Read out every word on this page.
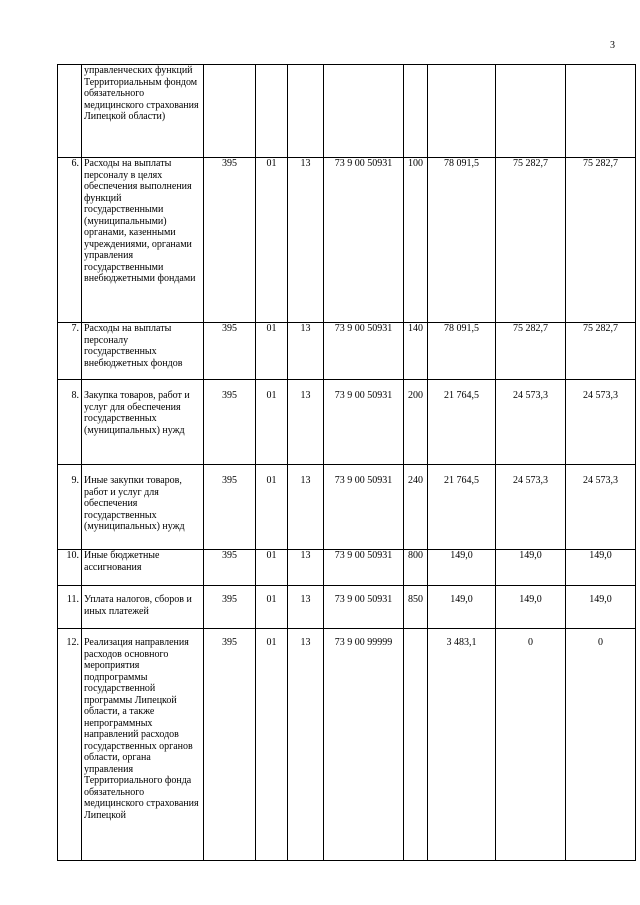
3
	управленческих функций Территориальным фондом обязательного медицинского страхования Липецкой области)								
6.	Расходы на выплаты персоналу в целях обеспечения выполнения функций государственными (муниципальными) органами, казенными учреждениями, органами управления государственными внебюджетными фондами	395	01	13	73 9 00 50931	100	78 091,5	75 282,7	75 282,7
7.	Расходы на выплаты персоналу государственных внебюджетных фондов	395	01	13	73 9 00 50931	140	78 091,5	75 282,7	75 282,7
8.	Закупка товаров, работ и услуг для обеспечения государственных (муниципальных) нужд	395	01	13	73 9 00 50931	200	21 764,5	24 573,3	24 573,3
9.	Иные закупки товаров, работ и услуг для обеспечения государственных (муниципальных) нужд	395	01	13	73 9 00 50931	240	21 764,5	24 573,3	24 573,3
10.	Иные бюджетные ассигнования	395	01	13	73 9 00 50931	800	149,0	149,0	149,0
11.	Уплата налогов, сборов и иных платежей	395	01	13	73 9 00 50931	850	149,0	149,0	149,0
12.	Реализация направления расходов основного мероприятия подпрограммы государственной программы Липецкой области, а также непрограммных направлений расходов государственных органов области, органа управления Территориального фонда обязательного медицинского страхования Липецкой	395	01	13	73 9 00 99999		3 483,1	0	0
